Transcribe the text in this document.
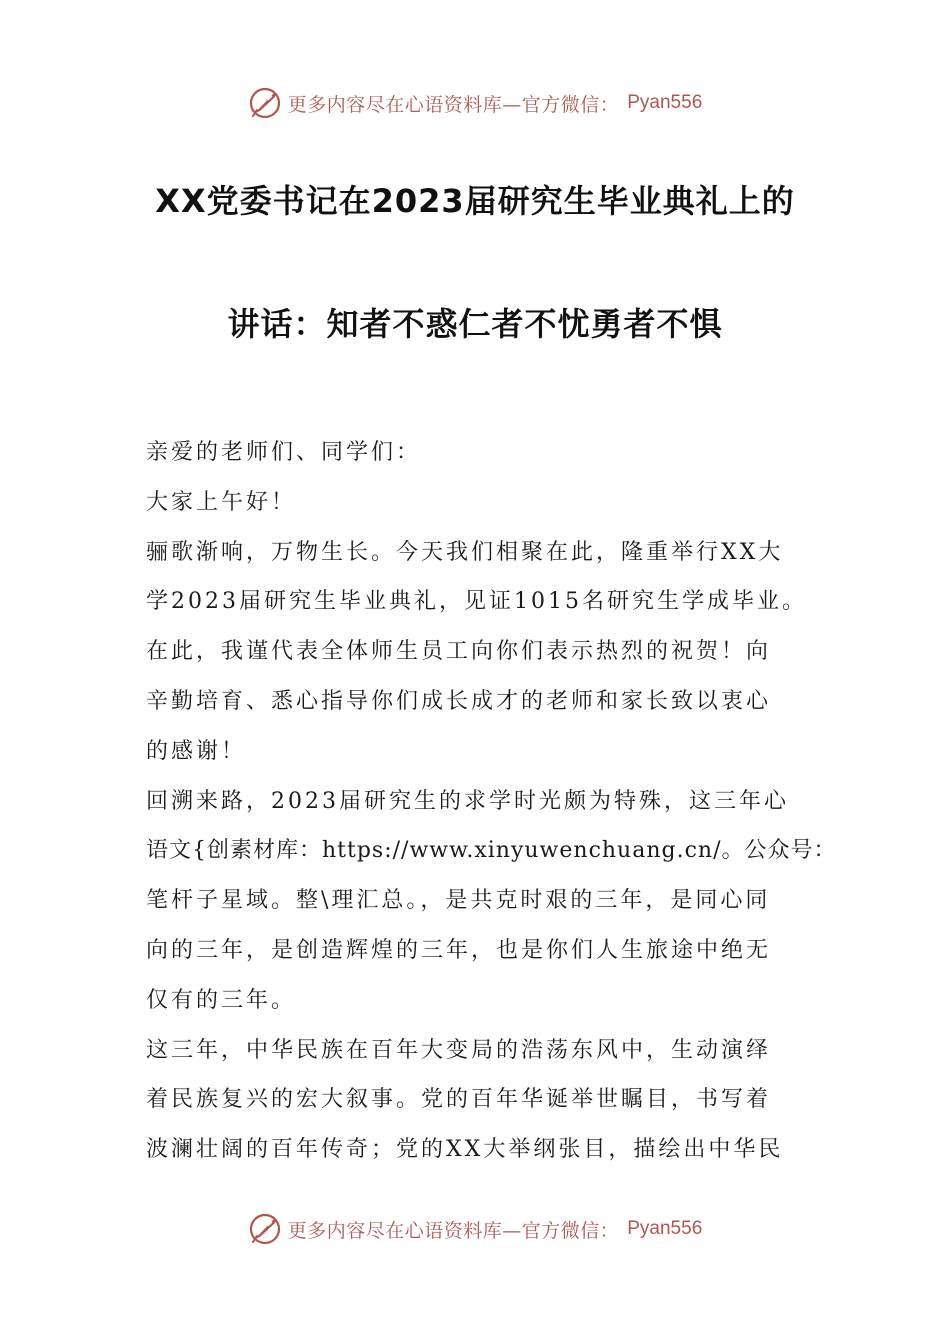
更多内容尽在心语资料库—官方微信： Pyan556
XX党委书记在2023届研究生毕业典礼上的
讲话：知者不惑仁者不忧勇者不惧
亲爱的老师们、同学们：
大家上午好！
骊歌渐响，万物生长。今天我们相聚在此，隆重举行XX大
学2023届研究生毕业典礼，见证1015名研究生学成毕业。
在此，我谨代表全体师生员工向你们表示热烈的祝贺！向
辛勤培育、悉心指导你们成长成才的老师和家长致以衷心
的感谢！
回溯来路，2023届研究生的求学时光颇为特殊，这三年心
语文{创素材库：https://www.xinyuwenchuang.cn/。公众号：
笔杆子星域。整\理汇总。，是共克时艰的三年，是同心同
向的三年，是创造辉煌的三年，也是你们人生旅途中绝无
仅有的三年。
这三年，中华民族在百年大变局的浩荡东风中，生动演绎
着民族复兴的宏大叙事。党的百年华诞举世瞩目，书写着
波澜壮阔的百年传奇；党的XX大举纲张目，描绘出中华民
更多内容尽在心语资料库—官方微信： Pyan556
